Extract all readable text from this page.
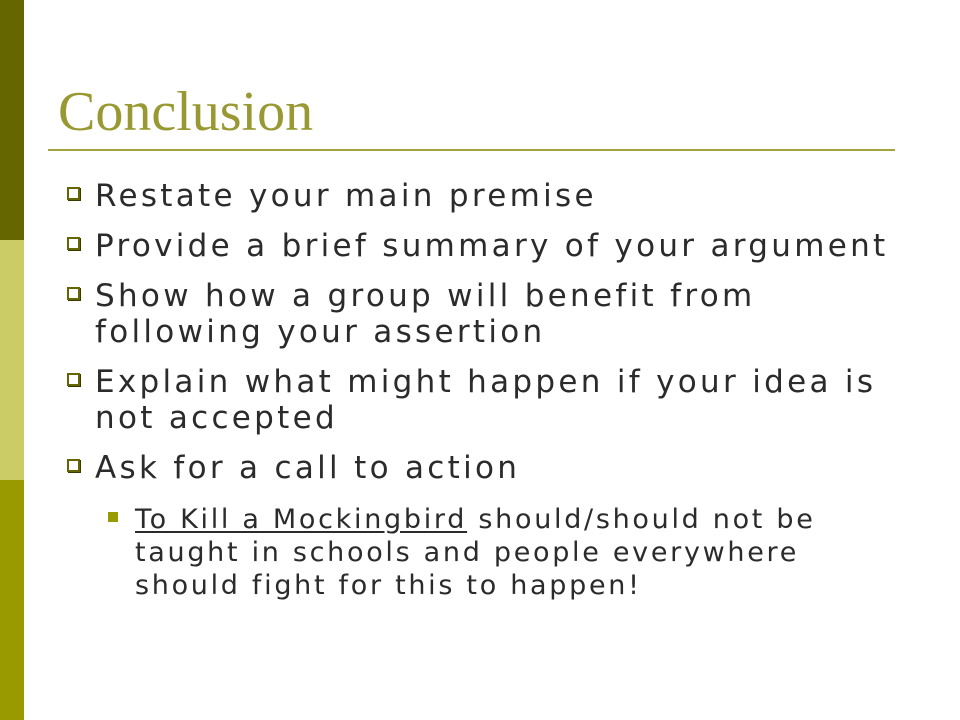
Conclusion
Restate your main premise
Provide a brief summary of your argument
Show how a group will benefit from following your assertion
Explain what might happen if your idea is not accepted
Ask for a call to action
To Kill a Mockingbird should/should not be taught in schools and people everywhere should fight for this to happen!
